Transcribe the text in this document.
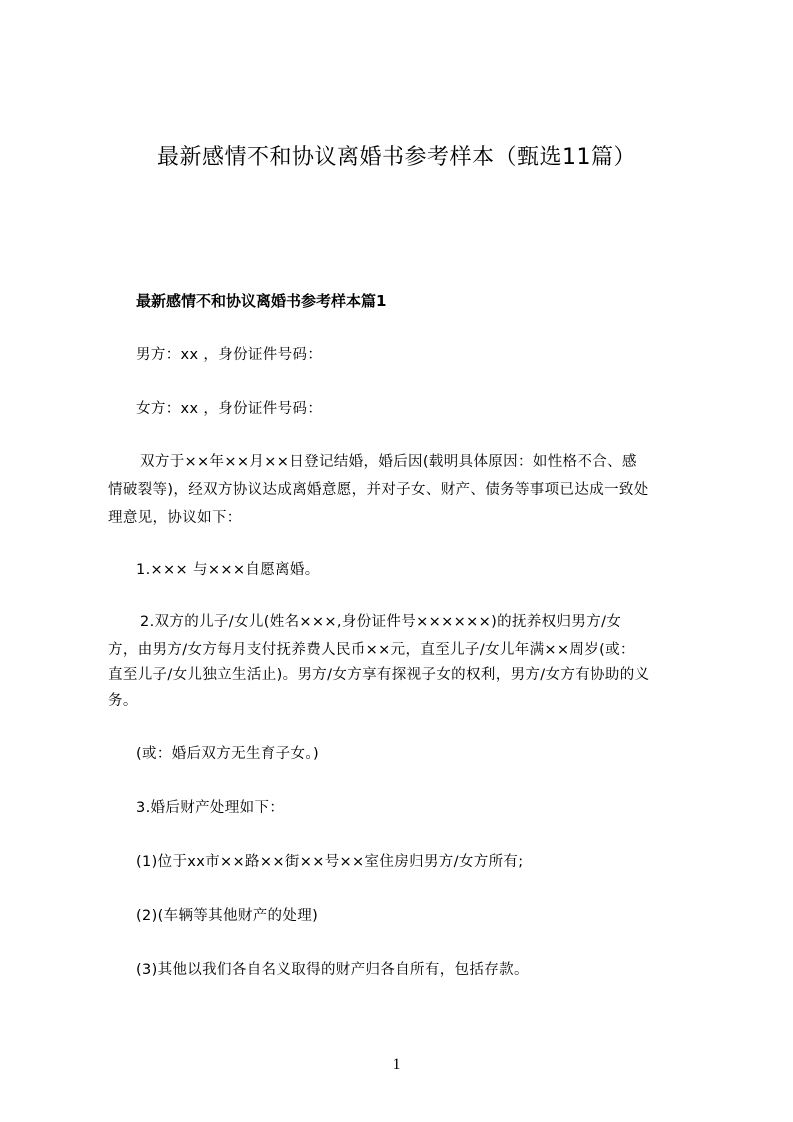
最新感情不和协议离婚书参考样本（甄选11篇）
最新感情不和协议离婚书参考样本篇1
男方：xx ，身份证件号码：
女方：xx ，身份证件号码：
双方于××年××月××日登记结婚，婚后因(载明具体原因：如性格不合、感
情破裂等)，经双方协议达成离婚意愿，并对子女、财产、债务等事项已达成一致处
理意见，协议如下：
1.××× 与×××自愿离婚。
2.双方的儿子/女儿(姓名×××,身份证件号××××××)的抚养权归男方/女
方，由男方/女方每月支付抚养费人民币××元，直至儿子/女儿年满××周岁(或：
直至儿子/女儿独立生活止)。男方/女方享有探视子女的权利，男方/女方有协助的义
务。
(或：婚后双方无生育子女。)
3.婚后财产处理如下：
(1)位于xx市××路××街××号××室住房归男方/女方所有;
(2)(车辆等其他财产的处理)
(3)其他以我们各自名义取得的财产归各自所有，包括存款。
1
